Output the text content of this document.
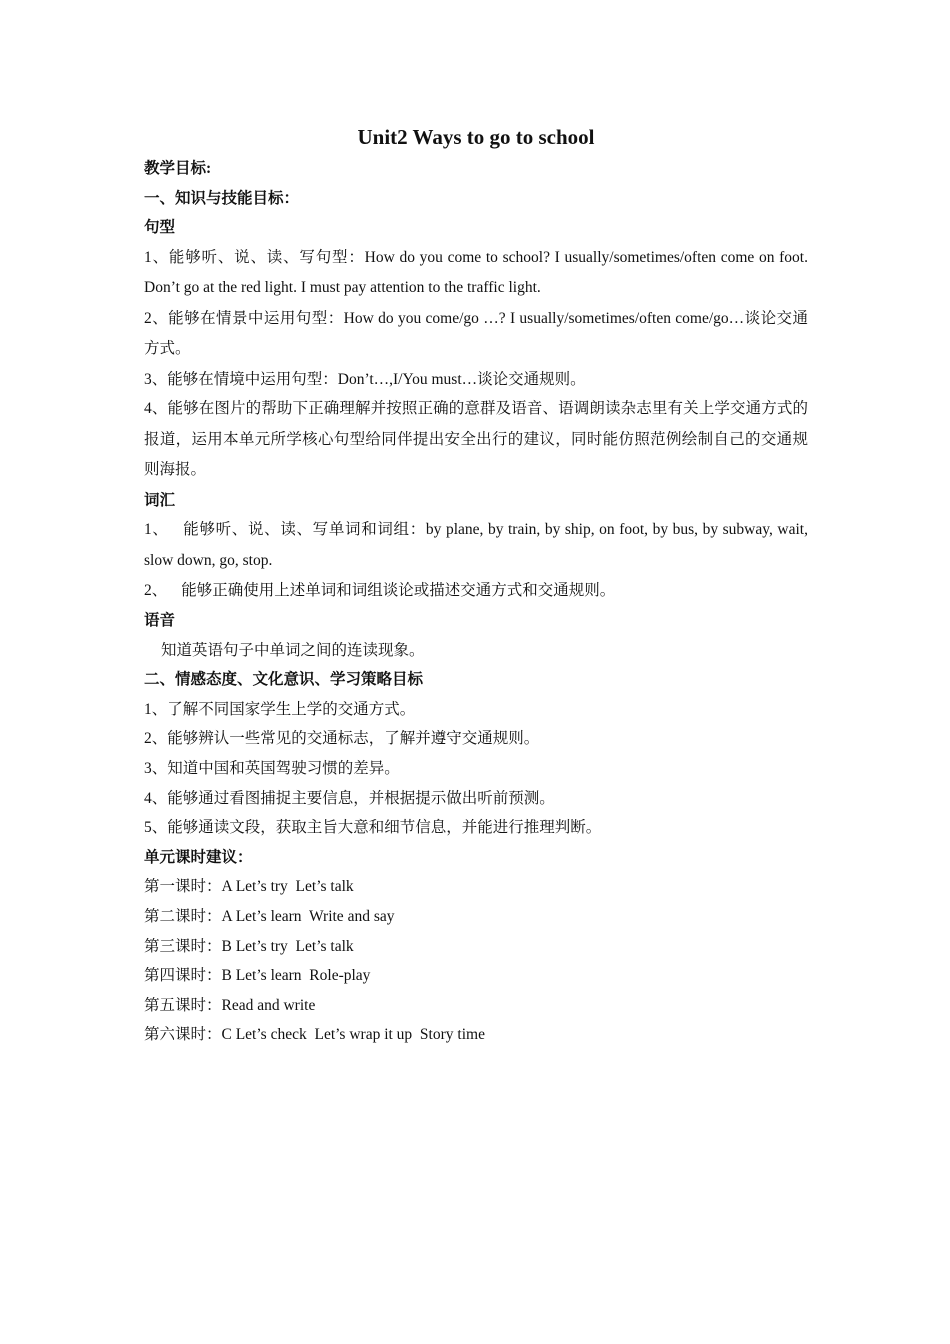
Unit2 Ways to go to school

教学目标:

一、知识与技能目标：

句型

1、能够听、说、读、写句型：How do you come to school? I usually/sometimes/often come on foot. Don’t go at the red light. I must pay attention to the traffic light.

2、能够在情景中运用句型：How do you come/go …? I usually/sometimes/often come/go…谈论交通方式。

3、能够在情境中运用句型：Don’t…,I/You must…谈论交通规则。

4、能够在图片的帮助下正确理解并按照正确的意群及语音、语调朗读杂志里有关上学交通方式的报道，运用本单元所学核心句型给同伴提出安全出行的建议，同时能仿照范例绘制自己的交通规则海报。

词汇

1、 能够听、说、读、写单词和词组：by plane, by train, by ship, on foot, by bus, by subway, wait, slow down, go, stop.

2、 能够正确使用上述单词和词组谈论或描述交通方式和交通规则。

语音

知道英语句子中单词之间的连读现象。

二、情感态度、文化意识、学习策略目标

1、了解不同国家学生上学的交通方式。

2、能够辨认一些常见的交通标志，了解并遵守交通规则。

3、知道中国和英国驾驶习惯的差异。

4、能够通过看图捕捉主要信息，并根据提示做出听前预测。

5、能够通读文段，获取主旨大意和细节信息，并能进行推理判断。

单元课时建议：

第一课时：A Let’s try  Let’s talk

第二课时：A Let’s learn  Write and say

第三课时：B Let’s try  Let’s talk

第四课时：B Let’s learn  Role-play

第五课时：Read and write

第六课时：C Let’s check  Let’s wrap it up  Story time
